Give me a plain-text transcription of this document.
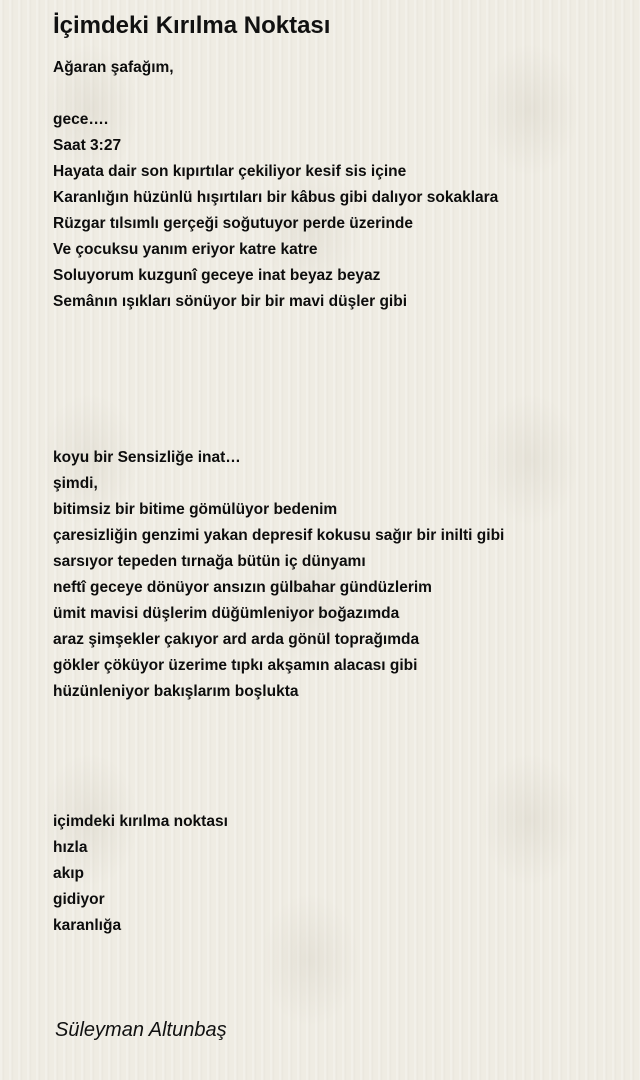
İçimdeki Kırılma Noktası
Ağaran şafağım,
gece….
Saat 3:27
Hayata dair son kıpırtılar çekiliyor kesif sis içine
Karanlığın hüzünlü hışırtıları bir kâbus gibi dalıyor sokaklara
Rüzgar tılsımlı gerçeği soğutuyor perde üzerinde
Ve çocuksu yanım eriyor katre katre
Soluyorum kuzgunî geceye inat beyaz beyaz
Semânın ışıkları sönüyor bir bir mavi düşler gibi
koyu bir Sensizliğe inat…
şimdi,
bitimsiz bir bitime gömülüyor bedenim
çaresizliğin genzimi yakan depresif kokusu sağır bir inilti gibi
sarsıyor tepeden tırnağa bütün iç dünyamı
neftî geceye dönüyor ansızın gülbahar gündüzlerim
ümit mavisi düşlerim düğümleniyor boğazımda
araz şimşekler çakıyor ard arda gönül toprağımda
gökler çöküyor üzerime tıpkı akşamın alacası gibi
hüzünleniyor bakışlarım boşlukta
içimdeki kırılma noktası
hızla
akıp
gidiyor
karanlığa
Süleyman Altunbaş
